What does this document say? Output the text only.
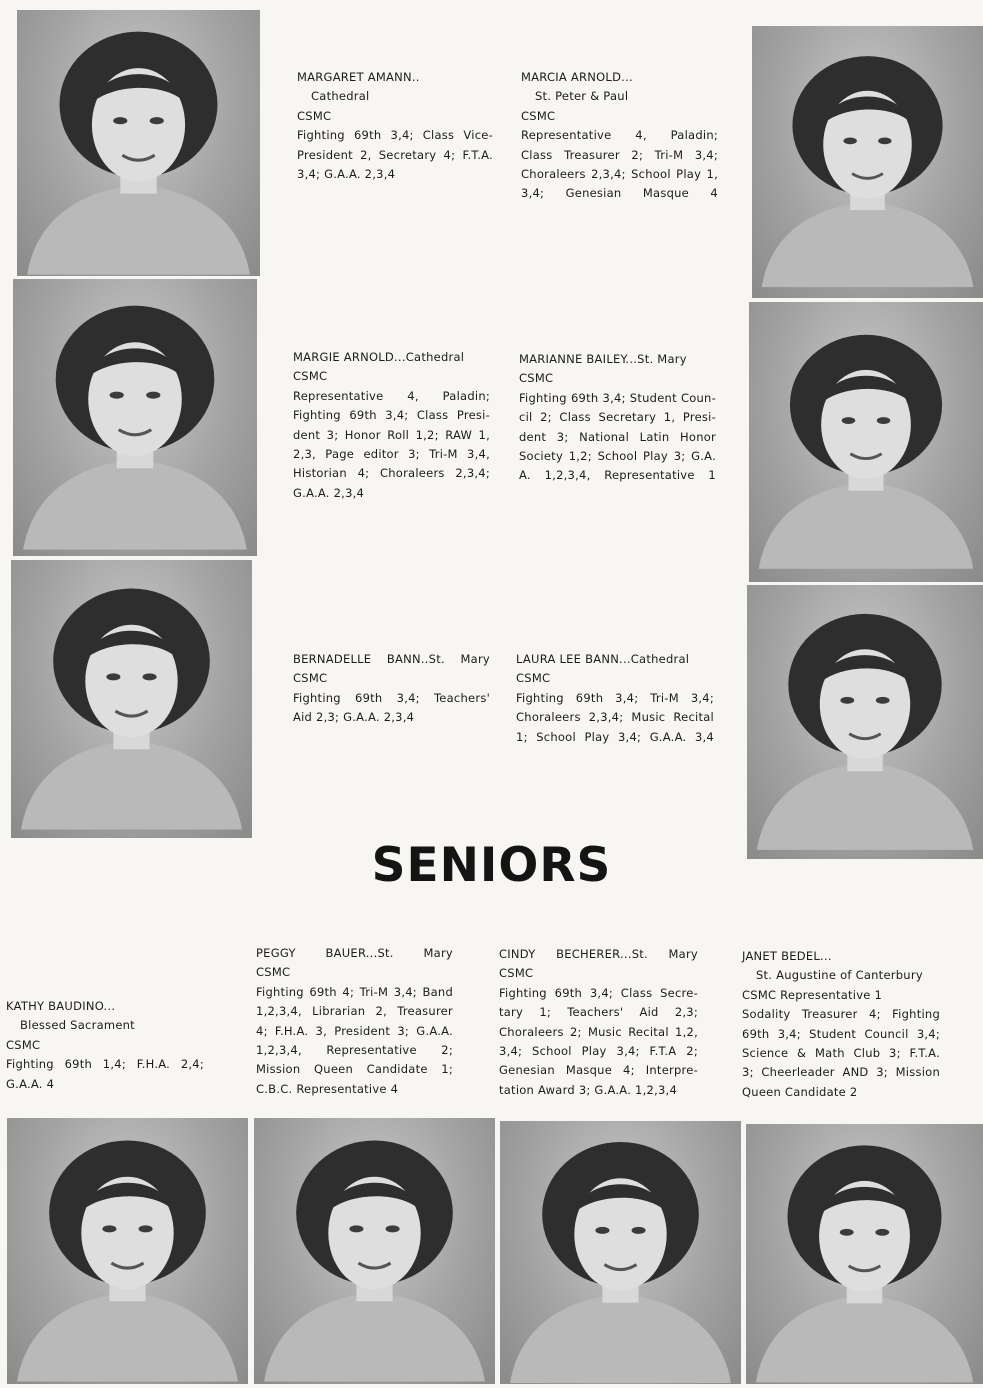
MARGARET AMANN..
Cathedral
CSMC
Fighting 69th 3,4; Class Vice-
President 2, Secretary 4; F.T.A.
3,4; G.A.A. 2,3,4
MARCIA ARNOLD...
St. Peter & Paul
CSMC
Representative 4, Paladin;
Class Treasurer 2; Tri-M 3,4;
Choraleers 2,3,4; School Play 1,
3,4; Genesian Masque 4
MARGIE ARNOLD...Cathedral
CSMC
Representative 4, Paladin;
Fighting 69th 3,4; Class Presi-
dent 3; Honor Roll 1,2; RAW 1,
2,3, Page editor 3; Tri-M 3,4,
Historian 4; Choraleers 2,3,4;
G.A.A. 2,3,4
MARIANNE BAILEY...St. Mary
CSMC
Fighting 69th 3,4; Student Coun-
cil 2; Class Secretary 1, Presi-
dent 3; National Latin Honor
Society 1,2; School Play 3; G.A.
A. 1,2,3,4, Representative 1
BERNADELLE BANN..St. Mary
CSMC
Fighting 69th 3,4; Teachers'
Aid 2,3; G.A.A. 2,3,4
LAURA LEE BANN...Cathedral
CSMC
Fighting 69th 3,4; Tri-M 3,4;
Choraleers 2,3,4; Music Recital
1; School Play 3,4; G.A.A. 3,4
SENIORS
KATHY BAUDINO...
Blessed Sacrament
CSMC
Fighting 69th 1,4; F.H.A. 2,4;
G.A.A. 4
PEGGY BAUER...St. Mary
CSMC
Fighting 69th 4; Tri-M 3,4; Band
1,2,3,4, Librarian 2, Treasurer
4; F.H.A. 3, President 3; G.A.A.
1,2,3,4, Representative 2;
Mission Queen Candidate 1;
C.B.C. Representative 4
CINDY BECHERER...St. Mary
CSMC
Fighting 69th 3,4; Class Secre-
tary 1; Teachers' Aid 2,3;
Choraleers 2; Music Recital 1,2,
3,4; School Play 3,4; F.T.A 2;
Genesian Masque 4; Interpre-
tation Award 3; G.A.A. 1,2,3,4
JANET BEDEL...
St. Augustine of Canterbury
CSMC Representative 1
Sodality Treasurer 4; Fighting
69th 3,4; Student Council 3,4;
Science & Math Club 3; F.T.A.
3; Cheerleader AND 3; Mission
Queen Candidate 2
